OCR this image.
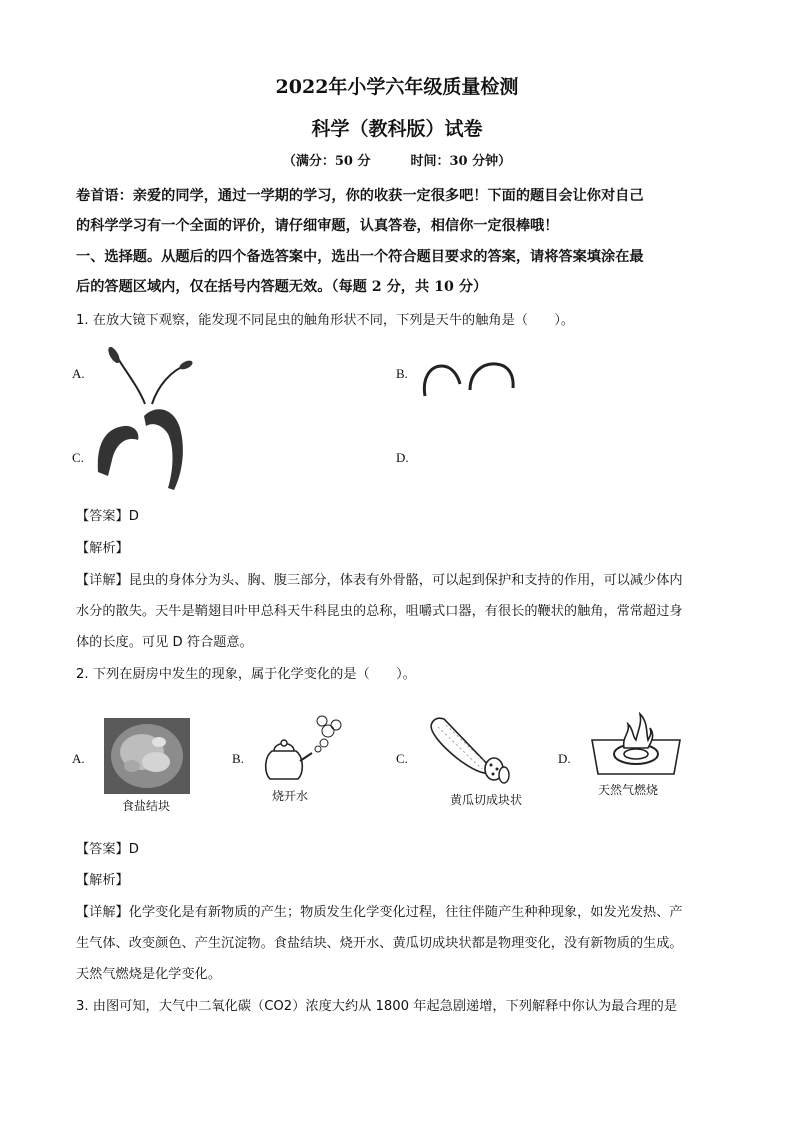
2022年小学六年级质量检测
科学（教科版）试卷
（满分：50 分	时间：30 分钟）
卷首语：亲爱的同学，通过一学期的学习，你的收获一定很多吧！下面的题目会让你对自己
的科学学习有一个全面的评价，请仔细审题，认真答卷，相信你一定很棒哦！
一、选择题。从题后的四个备选答案中，选出一个符合题目要求的答案，请将答案填涂在最
后的答题区域内，仅在括号内答题无效。（每题 2 分，共 10 分）
1. 在放大镜下观察，能发现不同昆虫的触角形状不同，下列是天牛的触角是（　　）。
A.	B.
C.	D.
【答案】D
【解析】
【详解】昆虫的身体分为头、胸、腹三部分，体表有外骨骼，可以起到保护和支持的作用，可以减少体内
水分的散失。天牛是鞘翅目叶甲总科天牛科昆虫的总称，咀嚼式口器，有很长的鞭状的触角，常常超过身
体的长度。可见 D 符合题意。
2. 下列在厨房中发生的现象，属于化学变化的是（　　）。
A.
食盐结块
B.
烧开水
C.
黄瓜切成块状
D.
天然气燃烧
【答案】D
【解析】
【详解】化学变化是有新物质的产生；物质发生化学变化过程，往往伴随产生种种现象，如发光发热、产
生气体、改变颜色、产生沉淀物。食盐结块、烧开水、黄瓜切成块状都是物理变化，没有新物质的生成。
天然气燃烧是化学变化。
3. 由图可知，大气中二氧化碳（CO2）浓度大约从 1800 年起急剧递增，下列解释中你认为最合理的是
